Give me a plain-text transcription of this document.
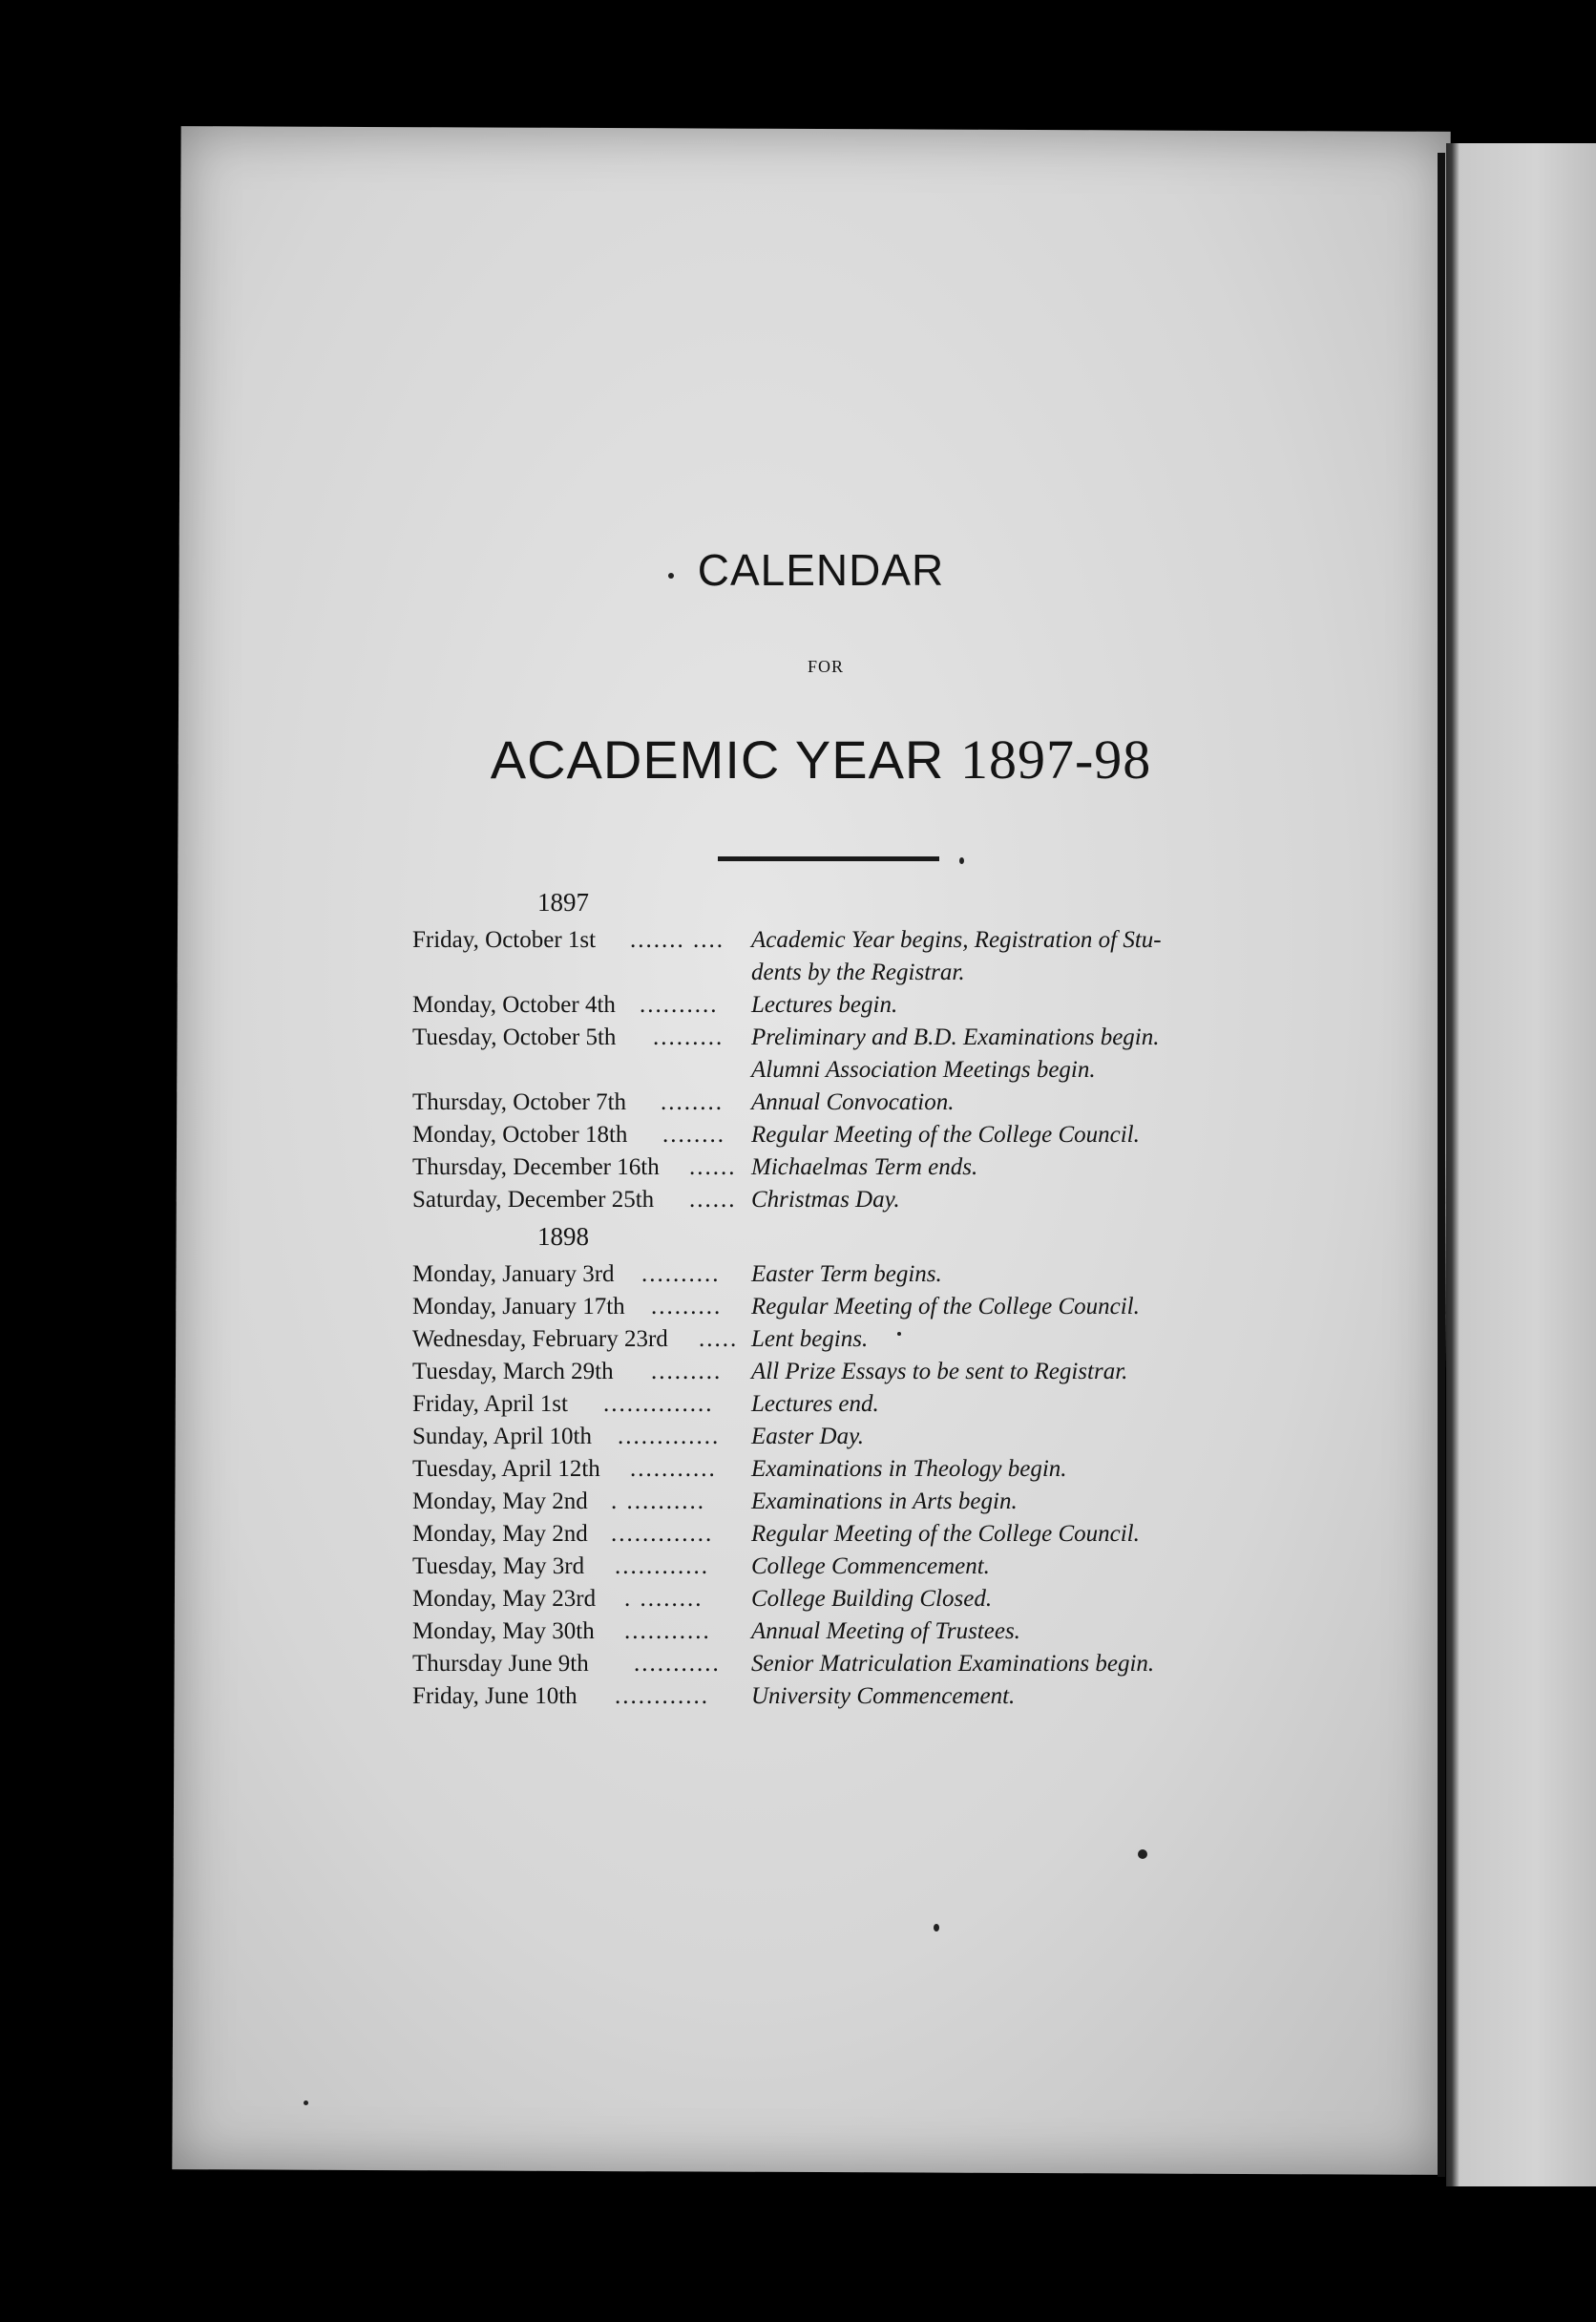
CALENDAR
FOR
ACADEMIC YEAR 1897-98
1897
Friday, October 1st ....... .... Academic Year begins, Registration of Stu-
dents by the Registrar.
Monday, October 4th .......... Lectures begin.
Tuesday, October 5th ......... Preliminary and B.D. Examinations begin.
Alumni Association Meetings begin.
Thursday, October 7th ........ Annual Convocation.
Monday, October 18th ........ Regular Meeting of the College Council.
Thursday, December 16th ...... Michaelmas Term ends.
Saturday, December 25th ...... Christmas Day.
1898
Monday, January 3rd .......... Easter Term begins.
Monday, January 17th ......... Regular Meeting of the College Council.
Wednesday, February 23rd ..... Lent begins.
Tuesday, March 29th ......... All Prize Essays to be sent to Registrar.
Friday, April 1st .............. Lectures end.
Sunday, April 10th ............. Easter Day.
Tuesday, April 12th ........... Examinations in Theology begin.
Monday, May 2nd . .......... Examinations in Arts begin.
Monday, May 2nd ............. Regular Meeting of the College Council.
Tuesday, May 3rd ............ College Commencement.
Monday, May 23rd . ........ College Building Closed.
Monday, May 30th ........... Annual Meeting of Trustees.
Thursday June 9th ........... Senior Matriculation Examinations begin.
Friday, June 10th ............ University Commencement.
